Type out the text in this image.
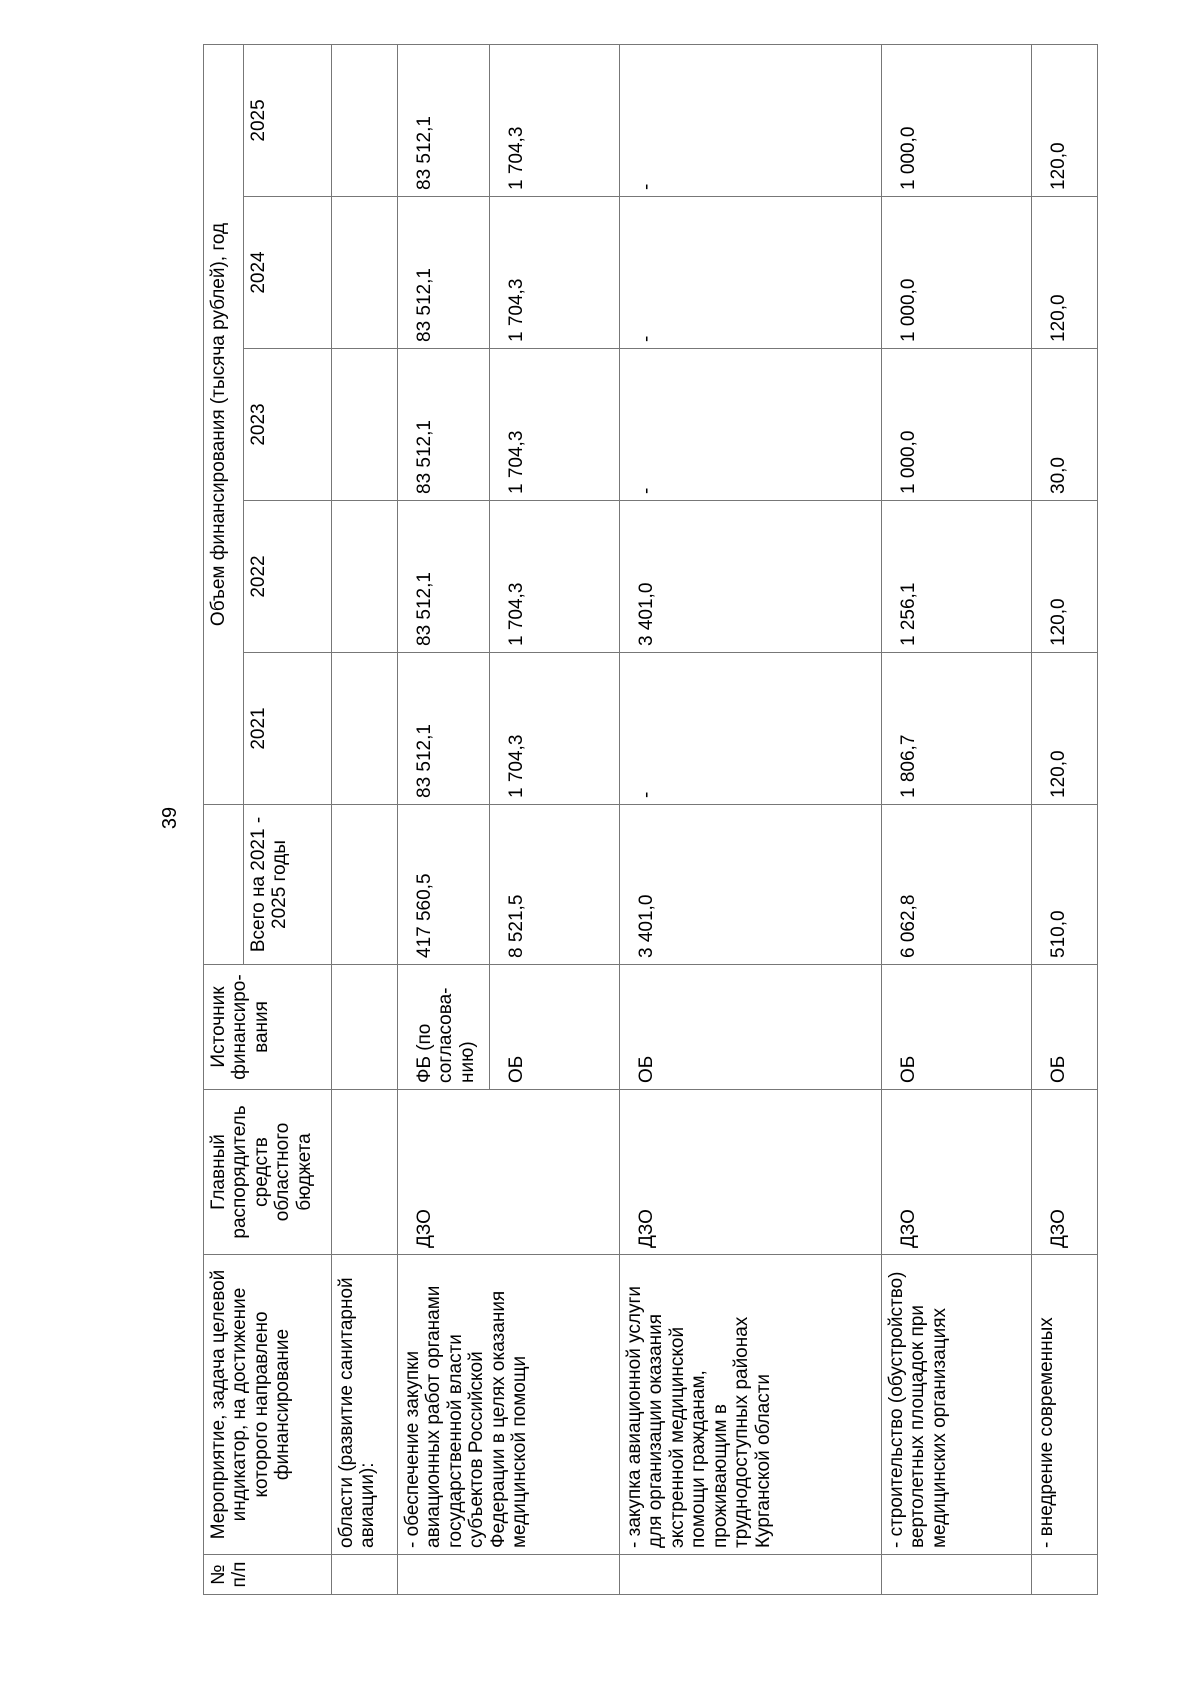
39
№ п/п	Мероприятие, задача целевой индикатор, на достижение которого направлено финансирование	Главный распорядитель средств областного бюджета	Источник финансиро-вания		Объем финансирования (тысяча рублей), год				
				Всего на 2021 - 2025 годы	2021	2022	2023	2024	2025
	области (развитие санитарной авиации):								
	- обеспечение закупки авиационных работ органами государственной власти субъектов Российской Федерации в целях оказания медицинской помощи	ДЗО	ФБ (по согласова-нию)	417 560,5	83 512,1	83 512,1	83 512,1	83 512,1	83 512,1
			ОБ	8 521,5	1 704,3	1 704,3	1 704,3	1 704,3	1 704,3
	- закупка авиационной услуги для организации оказания экстренной медицинской помощи гражданам, проживающим в труднодоступных районах Курганской области	ДЗО	ОБ	3 401,0	-	3 401,0	-	-	-
	- строительство (обустройство) вертолетных площадок при медицинских организациях	ДЗО	ОБ	6 062,8	1 806,7	1 256,1	1 000,0	1 000,0	1 000,0
	- внедрение современных	ДЗО	ОБ	510,0	120,0	120,0	30,0	120,0	120,0
